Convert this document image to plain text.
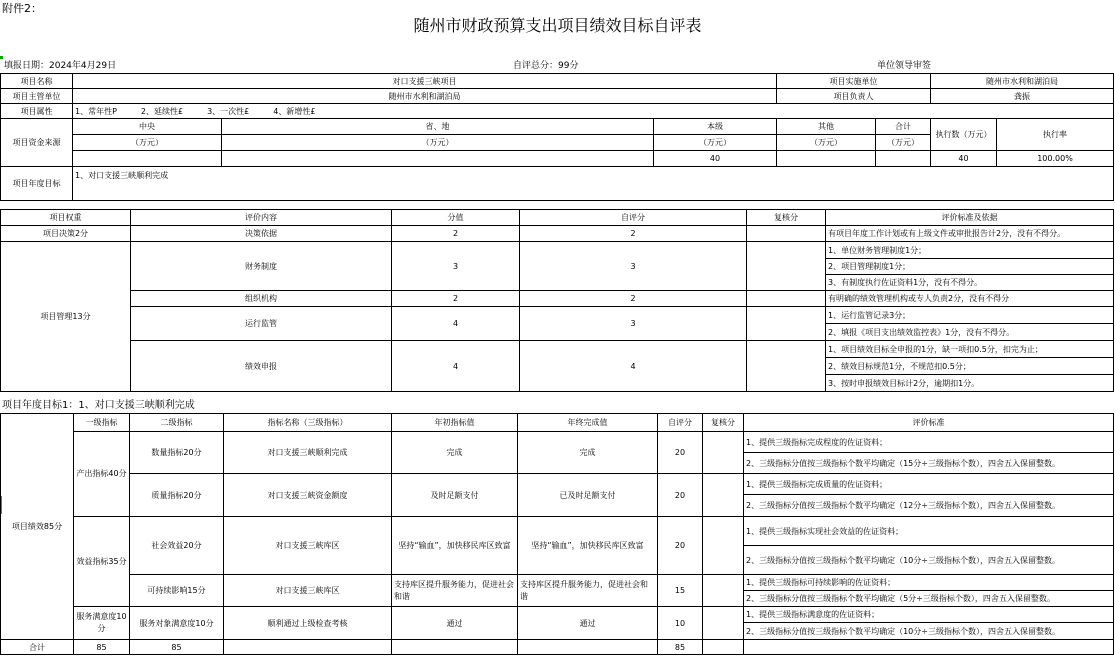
附件2：
随州市财政预算支出项目绩效目标自评表
填报日期：2024年4月29日	自评总分：99分	单位领导审签
项目名称	对口支援三峡项目			项目实施单位		随州市水利和湖泊局	
项目主管单位	随州市水利和湖泊局			项目负责人		龚振	
项目属性	1、常年性P　　　2、延续性£　　　3、一次性£　　　4、新增性£						
项目资金来源	中央	省、地	本级	其他	合计	执行数（万元）	执行率
	（万元）	（万元）	（万元）	（万元）	（万元）		
			40			40	100.00%
项目年度目标	1、对口支援三峡顺利完成						
项目权重	评价内容	分值	自评分	复核分	评价标准及依据
项目决策2分	决策依据	2	2		有项目年度工作计划或有上级文件或审批报告计2分，没有不得分。
项目管理13分	财务制度	3	3		1、单位财务管理制度1分；
					2、项目管理制度1分；
					3、有制度执行佐证资料1分，没有不得分。
	组织机构	2	2		有明确的绩效管理机构或专人负责2分，没有不得分
	运行监管	4	3		1、运行监管记录3分；
					2、填报《项目支出绩效监控表》1分，没有不得分。
	绩效申报	4	4		1、项目绩效目标全申报的1分，缺一项扣0.5分，扣完为止；
					2、绩效目标规范1分，不规范扣0.5分；
					3、按时申报绩效目标计2分，逾期扣1分。
项目年度目标1：1、对口支援三峡顺利完成
项目绩效85分	一级指标	二级指标	指标名称（三级指标）	年初指标值	年终完成值	自评分	复核分	评价标准
	产出指标40分	数量指标20分	对口支援三峡顺利完成	完成	完成	20		1、提供三级指标完成程度的佐证资料；
								2、三级指标分值按三级指标个数平均确定（15分÷三级指标个数），四舍五入保留整数。
		质量指标20分	对口支援三峡资金额度	及时足额支付	已及时足额支付	20		1、提供三级指标完成质量的佐证资料；
								2、三级指标分值按三级指标个数平均确定（12分÷三级指标个数），四舍五入保留整数。
	效益指标35分	社会效益20分	对口支援三峡库区	坚持“输血”，加快移民库区致富	坚持“输血”，加快移民库区致富	20		1、提供三级指标实现社会效益的佐证资料；
								2、三级指标分值按三级指标个数平均确定（10分÷三级指标个数），四舍五入保留整数。
		可持续影响15分	对口支援三峡库区	支持库区提升服务能力，促进社会和谐	支持库区提升服务能力，促进社会和谐	15		1、提供三级指标可持续影响的佐证资料；
								2、三级指标分值按三级指标个数平均确定（5分÷三级指标个数），四舍五入保留整数。
	服务满意度10分	服务对象满意度10分	顺利通过上级检查考核	通过	通过	10		1、提供三级指标满意度的佐证资料；
								2、三级指标分值按三级指标个数平均确定（10分÷三级指标个数），四舍五入保留整数。
合计	85	85				85		
